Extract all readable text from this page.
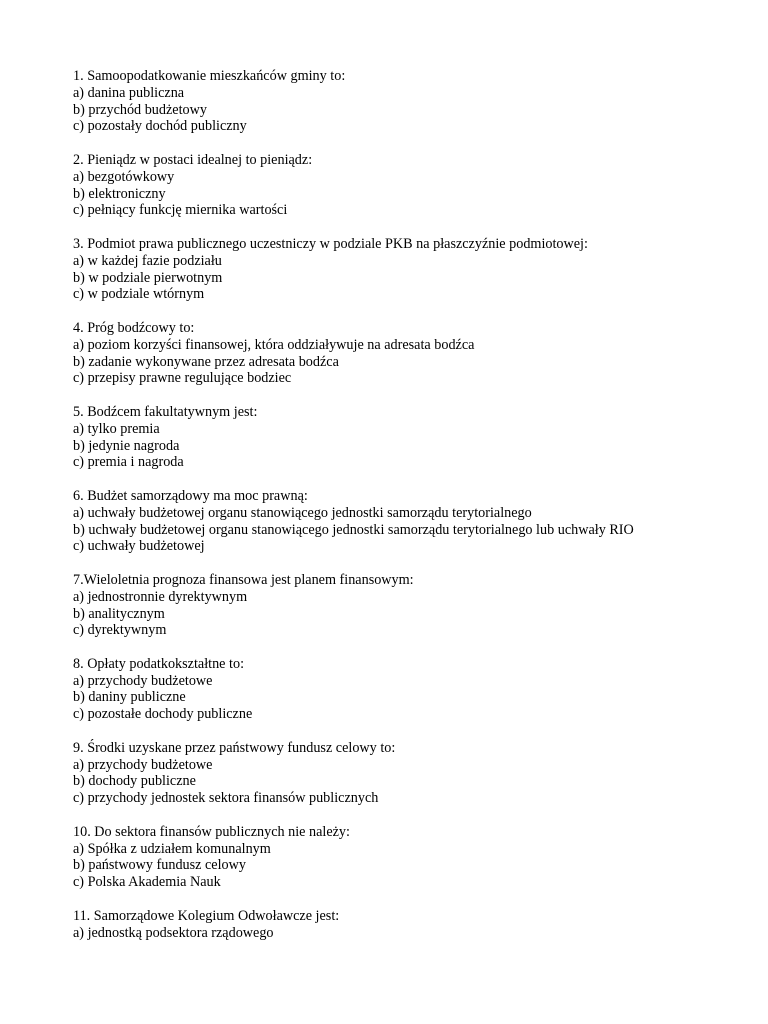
1. Samoopodatkowanie mieszkańców gminy to:
a) danina publiczna
b) przychód budżetowy
c) pozostały dochód publiczny
2. Pieniądz w postaci idealnej to pieniądz:
a) bezgotówkowy
b) elektroniczny
c) pełniący funkcję miernika wartości
3. Podmiot prawa publicznego uczestniczy w podziale PKB na płaszczyźnie podmiotowej:
a) w każdej fazie podziału
b) w podziale pierwotnym
c) w podziale wtórnym
4. Próg bodźcowy to:
a) poziom korzyści finansowej, która oddziaływuje na adresata bodźca
b) zadanie wykonywane przez adresata bodźca
c) przepisy prawne regulujące bodziec
5. Bodźcem fakultatywnym jest:
a) tylko premia
b) jedynie nagroda
c) premia i nagroda
6. Budżet samorządowy ma moc prawną:
a) uchwały budżetowej organu stanowiącego jednostki samorządu terytorialnego
b) uchwały budżetowej organu stanowiącego jednostki samorządu terytorialnego lub uchwały RIO
c) uchwały budżetowej
7.Wieloletnia prognoza finansowa jest planem finansowym:
a) jednostronnie dyrektywnym
b) analitycznym
c) dyrektywnym
8. Opłaty podatkokształtne to:
a) przychody budżetowe
b) daniny publiczne
c) pozostałe dochody publiczne
9. Środki uzyskane przez państwowy fundusz celowy to:
a) przychody budżetowe
b) dochody publiczne
c) przychody jednostek sektora finansów publicznych
10. Do sektora finansów publicznych nie należy:
a) Spółka z udziałem komunalnym
b) państwowy fundusz celowy
c) Polska Akademia Nauk
11. Samorządowe Kolegium Odwoławcze jest:
a) jednostką podsektora rządowego
